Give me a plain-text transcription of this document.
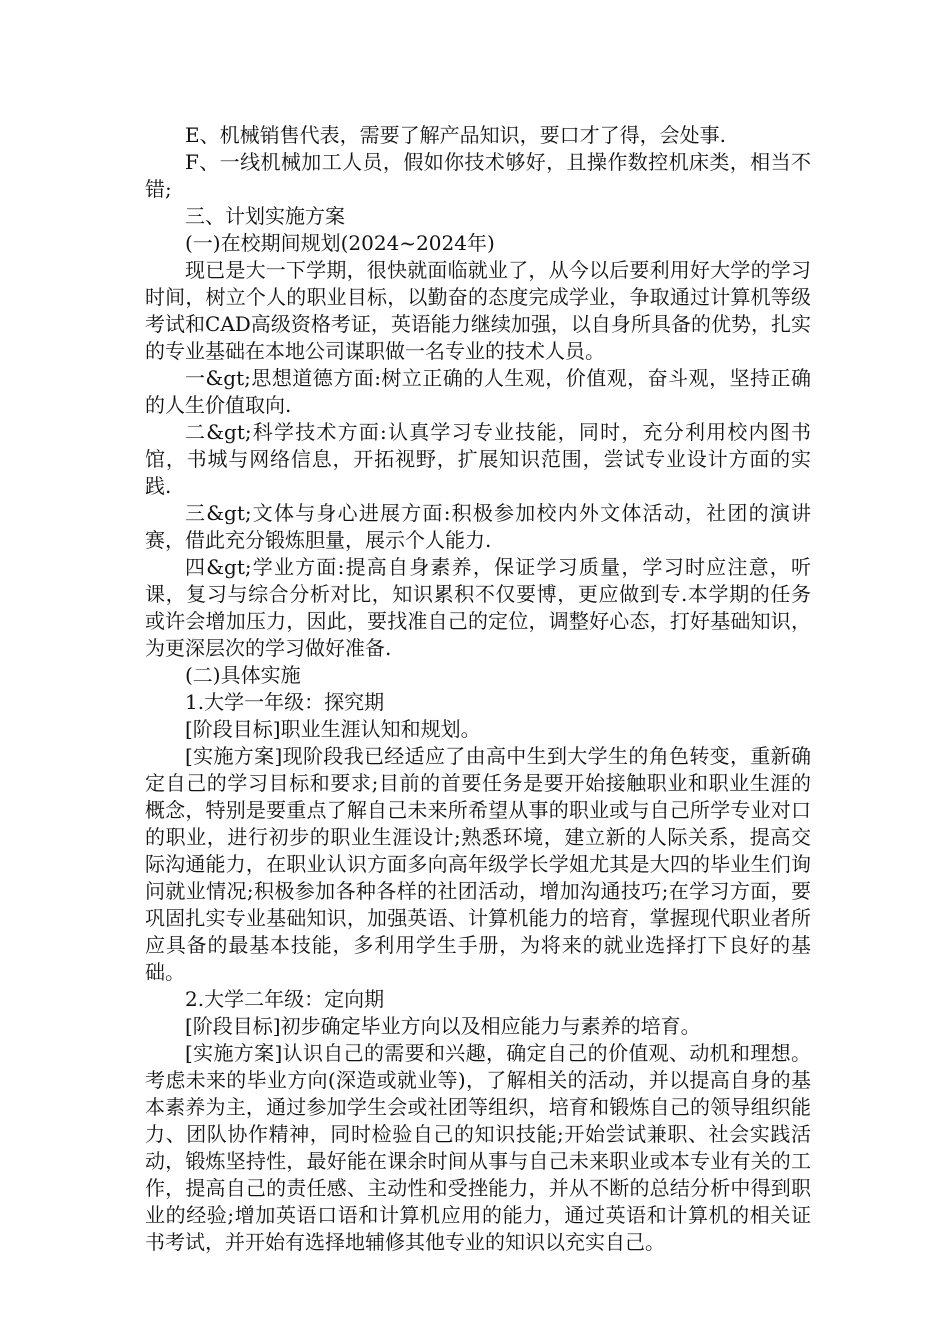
E、机械销售代表，需要了解产品知识，要口才了得，会处事.

F、一线机械加工人员，假如你技术够好，且操作数控机床类，相当不错;

三、计划实施方案

(一)在校期间规划(2024~2024年)

现已是大一下学期，很快就面临就业了，从今以后要利用好大学的学习时间，树立个人的职业目标，以勤奋的态度完成学业，争取通过计算机等级考试和CAD高级资格考证，英语能力继续加强，以自身所具备的优势，扎实的专业基础在本地公司谋职做一名专业的技术人员。

一&gt;思想道德方面:树立正确的人生观，价值观，奋斗观，坚持正确的人生价值取向.

二&gt;科学技术方面:认真学习专业技能，同时，充分利用校内图书馆，书城与网络信息，开拓视野，扩展知识范围，尝试专业设计方面的实践.

三&gt;文体与身心进展方面:积极参加校内外文体活动，社团的演讲赛，借此充分锻炼胆量，展示个人能力.

四&gt;学业方面:提高自身素养，保证学习质量，学习时应注意，听课，复习与综合分析对比，知识累积不仅要博，更应做到专.本学期的任务或许会增加压力，因此，要找准自己的定位，调整好心态，打好基础知识，为更深层次的学习做好准备.

(二)具体实施

1.大学一年级：探究期

[阶段目标]职业生涯认知和规划。

[实施方案]现阶段我已经适应了由高中生到大学生的角色转变，重新确定自己的学习目标和要求;目前的首要任务是要开始接触职业和职业生涯的概念，特别是要重点了解自己未来所希望从事的职业或与自己所学专业对口的职业，进行初步的职业生涯设计;熟悉环境，建立新的人际关系，提高交际沟通能力，在职业认识方面多向高年级学长学姐尤其是大四的毕业生们询问就业情况;积极参加各种各样的社团活动，增加沟通技巧;在学习方面，要巩固扎实专业基础知识，加强英语、计算机能力的培育，掌握现代职业者所应具备的最基本技能，多利用学生手册，为将来的就业选择打下良好的基础。

2.大学二年级：定向期

[阶段目标]初步确定毕业方向以及相应能力与素养的培育。

[实施方案]认识自己的需要和兴趣，确定自己的价值观、动机和理想。考虑未来的毕业方向(深造或就业等)，了解相关的活动，并以提高自身的基本素养为主，通过参加学生会或社团等组织，培育和锻炼自己的领导组织能力、团队协作精神，同时检验自己的知识技能;开始尝试兼职、社会实践活动，锻炼坚持性，最好能在课余时间从事与自己未来职业或本专业有关的工作，提高自己的责任感、主动性和受挫能力，并从不断的总结分析中得到职业的经验;增加英语口语和计算机应用的能力，通过英语和计算机的相关证书考试，并开始有选择地辅修其他专业的知识以充实自己。
